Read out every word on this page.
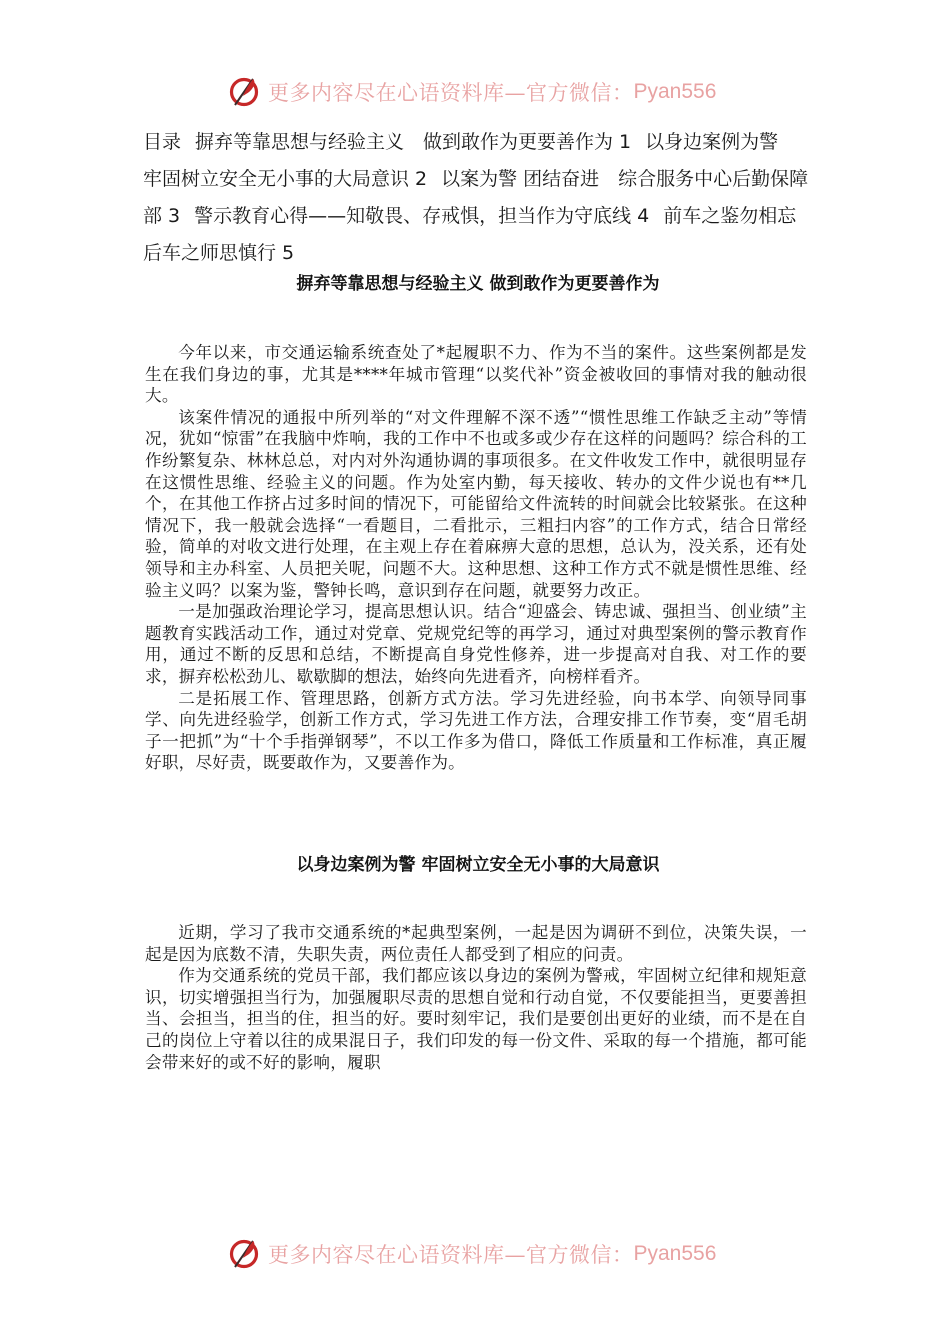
更多内容尽在心语资料库—官方微信： Pyan556
目录 摒弃等靠思想与经验主义　做到敢作为更要善作为 1 以身边案例为警　　牢固树立安全无小事的大局意识 2 以案为警 团结奋进　综合服务中心后勤保障部 3 警示教育心得——知敬畏、存戒惧，担当作为守底线 4 前车之鉴勿相忘 后车之师思慎行 5
摒弃等靠思想与经验主义 做到敢作为更要善作为

今年以来，市交通运输系统查处了*起履职不力、作为不当的案件。这些案例都是发生在我们身边的事，尤其是****年城市管理“以奖代补”资金被收回的事情对我的触动很大。

该案件情况的通报中所列举的“对文件理解不深不透”“惯性思维工作缺乏主动”等情况，犹如“惊雷”在我脑中炸响，我的工作中不也或多或少存在这样的问题吗？综合科的工作纷繁复杂、林林总总，对内对外沟通协调的事项很多。在文件收发工作中，就很明显存在这惯性思维、经验主义的问题。作为处室内勤，每天接收、转办的文件少说也有**几个，在其他工作挤占过多时间的情况下，可能留给文件流转的时间就会比较紧张。在这种情况下，我一般就会选择“一看题目，二看批示，三粗扫内容”的工作方式，结合日常经验，简单的对收文进行处理，在主观上存在着麻痹大意的思想，总认为，没关系，还有处领导和主办科室、人员把关呢，问题不大。这种思想、这种工作方式不就是惯性思维、经验主义吗？以案为鉴，警钟长鸣，意识到存在问题，就要努力改正。

一是加强政治理论学习，提高思想认识。结合“迎盛会、铸忠诚、强担当、创业绩”主题教育实践活动工作，通过对党章、党规党纪等的再学习，通过对典型案例的警示教育作用，通过不断的反思和总结，不断提高自身党性修养，进一步提高对自我、对工作的要求，摒弃松松劲儿、歇歇脚的想法，始终向先进看齐，向榜样看齐。

二是拓展工作、管理思路，创新方式方法。学习先进经验，向书本学、向领导同事学、向先进经验学，创新工作方式，学习先进工作方法，合理安排工作节奏，变“眉毛胡子一把抓”为“十个手指弹钢琴”，不以工作多为借口，降低工作质量和工作标准，真正履好职，尽好责，既要敢作为，又要善作为。

以身边案例为警 牢固树立安全无小事的大局意识

近期，学习了我市交通系统的*起典型案例，一起是因为调研不到位，决策失误，一起是因为底数不清，失职失责，两位责任人都受到了相应的问责。

作为交通系统的党员干部，我们都应该以身边的案例为警戒，牢固树立纪律和规矩意识，切实增强担当行为，加强履职尽责的思想自觉和行动自觉，不仅要能担当，更要善担当、会担当，担当的住，担当的好。要时刻牢记，我们是要创出更好的业绩，而不是在自己的岗位上守着以往的成果混日子，我们印发的每一份文件、采取的每一个措施，都可能会带来好的或不好的影响，履职

更多内容尽在心语资料库—官方微信： Pyan556
